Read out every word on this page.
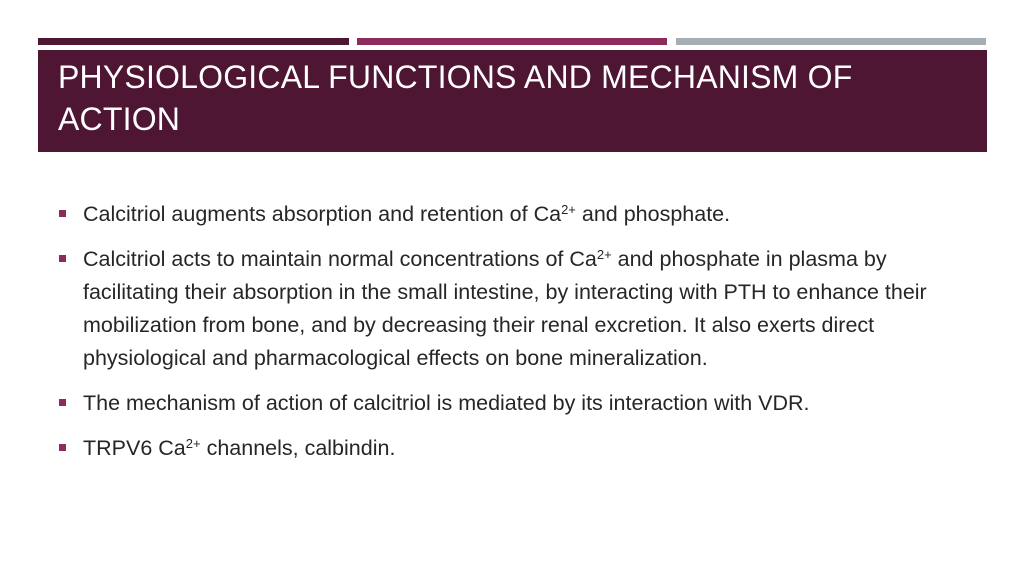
PHYSIOLOGICAL FUNCTIONS AND MECHANISM OF ACTION
Calcitriol augments absorption and retention of $Ca^{2+}$ and phosphate.
Calcitriol acts to maintain normal concentrations of $Ca^{2+}$ and phosphate in plasma by facilitating their absorption in the small intestine, by interacting with PTH to enhance their mobilization from bone, and by decreasing their renal excretion. It also exerts direct physiological and pharmacological effects on bone mineralization.
The mechanism of action of calcitriol is mediated by its interaction with VDR.
TRPV6 $Ca^{2+}$ channels, calbindin.
